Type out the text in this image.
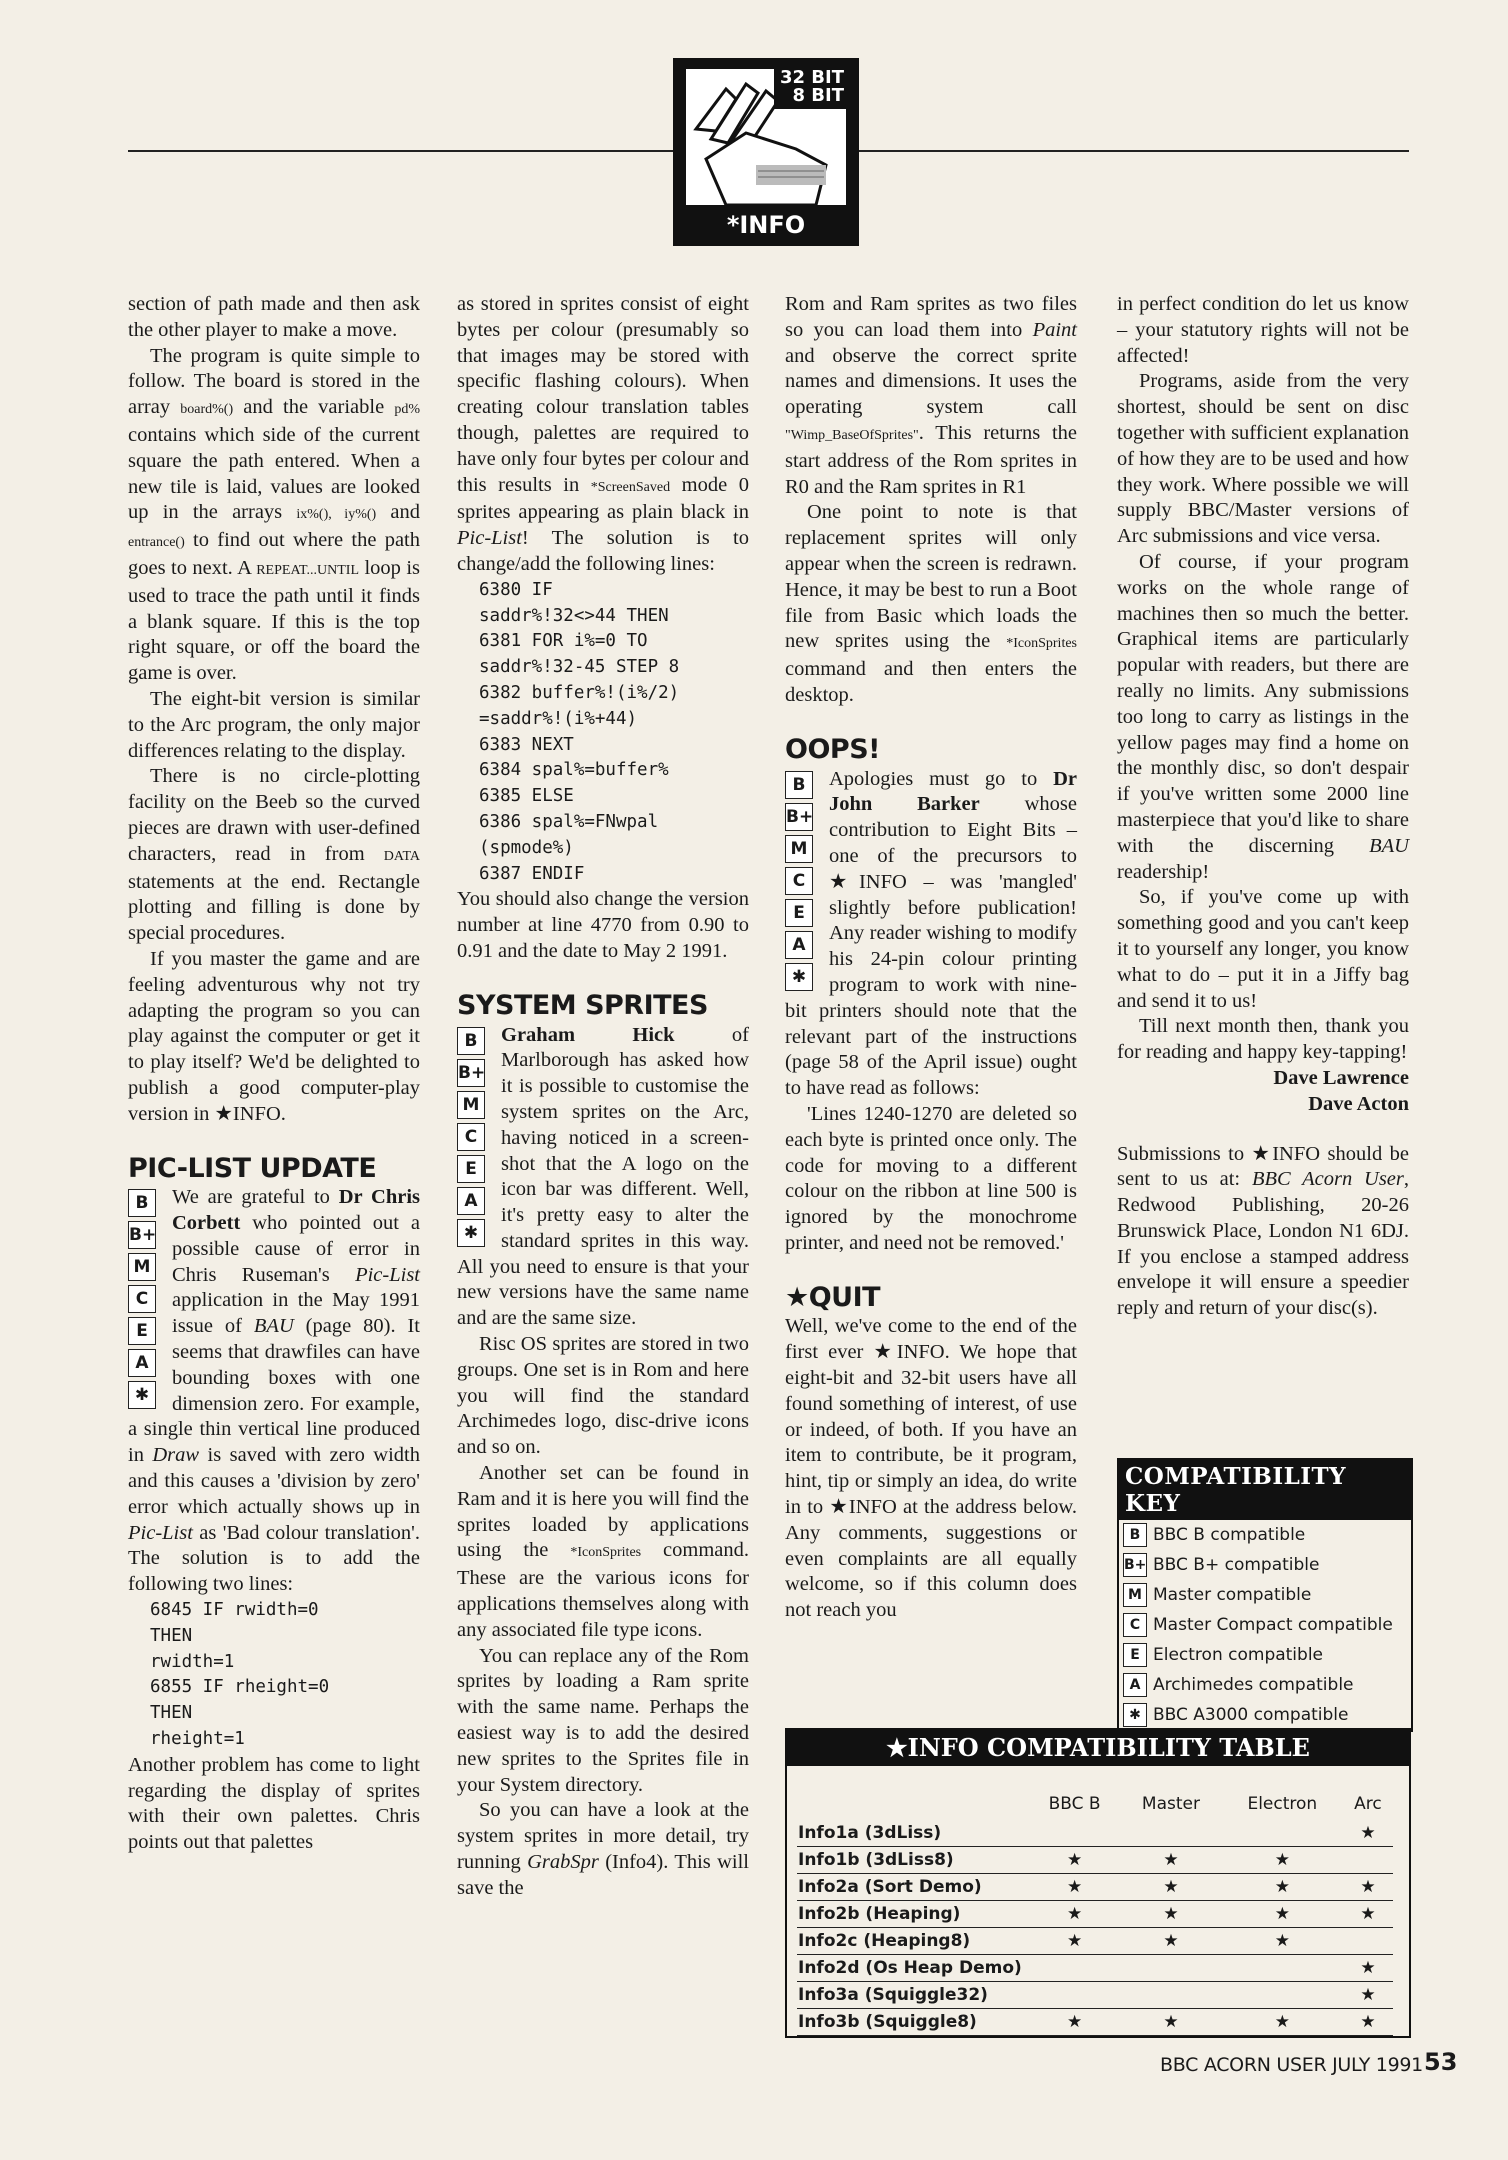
32 BIT
8 BIT
*INFO

section of path made and then ask the other player to make a move.

The program is quite simple to follow. The board is stored in the array board%() and the variable pd% contains which side of the current square the path entered. When a new tile is laid, values are looked up in the arrays ix%(), iy%() and entrance() to find out where the path goes to next. A REPEAT...UNTIL loop is used to trace the path until it finds a blank square. If this is the top right square, or off the board the game is over.

The eight-bit version is similar to the Arc program, the only major differences relating to the display.

There is no circle-plotting facility on the Beeb so the curved pieces are drawn with user-defined characters, read in from DATA statements at the end. Rectangle plotting and filling is done by special procedures.

If you master the game and are feeling adventurous why not try adapting the program so you can play against the computer or get it to play itself? We'd be delighted to publish a good computer-play version in ★INFO.

PIC-LIST UPDATE
B
B+
M
C
E
A
✱

We are grateful to Dr Chris Corbett who pointed out a possible cause of error in Chris Ruseman's Pic-List application in the May 1991 issue of BAU (page 80). It seems that drawfiles can have bounding boxes with one dimension zero. For example, a single thin vertical line produced in Draw is saved with zero width and this causes a 'division by zero' error which actually shows up in Pic-List as 'Bad colour translation'. The solution is to add the following two lines:

6845 IF rwidth=0
THEN
rwidth=1
6855 IF rheight=0
THEN
rheight=1

Another problem has come to light regarding the display of sprites with their own palettes. Chris points out that palettes

as stored in sprites consist of eight bytes per colour (presumably so that images may be stored with specific flashing colours). When creating colour translation tables though, palettes are required to have only four bytes per colour and this results in *ScreenSaved mode 0 sprites appearing as plain black in Pic-List! The solution is to change/add the following lines:

6380 IF
saddr%!32<>44 THEN
6381 FOR i%=0 TO
saddr%!32-45 STEP 8
6382 buffer%!(i%/2)
=saddr%!(i%+44)
6383 NEXT
6384 spal%=buffer%
6385 ELSE
6386 spal%=FNwpal
(spmode%)
6387 ENDIF

You should also change the version number at line 4770 from 0.90 to 0.91 and the date to May 2 1991.

SYSTEM SPRITES
B
B+
M
C
E
A
✱

Graham Hick of Marlborough has asked how it is possible to customise the system sprites on the Arc, having noticed in a screen-shot that the A logo on the icon bar was different. Well, it's pretty easy to alter the standard sprites in this way. All you need to ensure is that your new versions have the same name and are the same size.

Risc OS sprites are stored in two groups. One set is in Rom and here you will find the standard Archimedes logo, disc-drive icons and so on.

Another set can be found in Ram and it is here you will find the sprites loaded by applications using the *IconSprites command. These are the various icons for applications themselves along with any associated file type icons.

You can replace any of the Rom sprites by loading a Ram sprite with the same name. Perhaps the easiest way is to add the desired new sprites to the Sprites file in your System directory.

So you can have a look at the system sprites in more detail, try running GrabSpr (Info4). This will save the

Rom and Ram sprites as two files so you can load them into Paint and observe the correct sprite names and dimensions. It uses the operating system call "Wimp_BaseOfSprites". This returns the start address of the Rom sprites in R0 and the Ram sprites in R1

One point to note is that replacement sprites will only appear when the screen is redrawn. Hence, it may be best to run a Boot file from Basic which loads the new sprites using the *IconSprites command and then enters the desktop.

OOPS!
B
B+
M
C
E
A
✱

Apologies must go to Dr John Barker whose contribution to Eight Bits – one of the precursors to ★INFO – was 'mangled' slightly before publication! Any reader wishing to modify his 24-pin colour printing program to work with nine-bit printers should note that the relevant part of the instructions (page 58 of the April issue) ought to have read as follows:

'Lines 1240-1270 are deleted so each byte is printed once only. The code for moving to a different colour on the ribbon at line 500 is ignored by the monochrome printer, and need not be removed.'

★QUIT

Well, we've come to the end of the first ever ★INFO. We hope that eight-bit and 32-bit users have all found something of interest, of use or indeed, of both. If you have an item to contribute, be it program, hint, tip or simply an idea, do write in to ★INFO at the address below. Any comments, suggestions or even complaints are all equally welcome, so if this column does not reach you

in perfect condition do let us know – your statutory rights will not be affected!

Programs, aside from the very shortest, should be sent on disc together with sufficient explanation of how they are to be used and how they work. Where possible we will supply BBC/Master versions of Arc submissions and vice versa.

Of course, if your program works on the whole range of machines then so much the better. Graphical items are particularly popular with readers, but there are really no limits. Any submissions too long to carry as listings in the yellow pages may find a home on the monthly disc, so don't despair if you've written some 2000 line masterpiece that you'd like to share with the discerning BAU readership!

So, if you've come up with something good and you can't keep it to yourself any longer, you know what to do – put it in a Jiffy bag and send it to us!

Till next month then, thank you for reading and happy key-tapping!

Dave Lawrence
Dave Acton

Submissions to ★INFO should be sent to us at: BBC Acorn User, Redwood Publishing, 20-26 Brunswick Place, London N1 6DJ. If you enclose a stamped address envelope it will ensure a speedier reply and return of your disc(s).

COMPATIBILITY KEY
B BBC B compatible
B+ BBC B+ compatible
M Master compatible
C Master Compact compatible
E Electron compatible
A Archimedes compatible
✱ BBC A3000 compatible
★INFO COMPATIBILITY TABLE
	BBC B	Master	Electron	Arc
Info1a (3dLiss)				★
Info1b (3dLiss8)	★	★	★	
Info2a (Sort Demo)	★	★	★	★
Info2b (Heaping)	★	★	★	★
Info2c (Heaping8)	★	★	★	
Info2d (Os Heap Demo)				★
Info3a (Squiggle32)				★
Info3b (Squiggle8)	★	★	★	★
BBC ACORN USER JULY 1991 53
